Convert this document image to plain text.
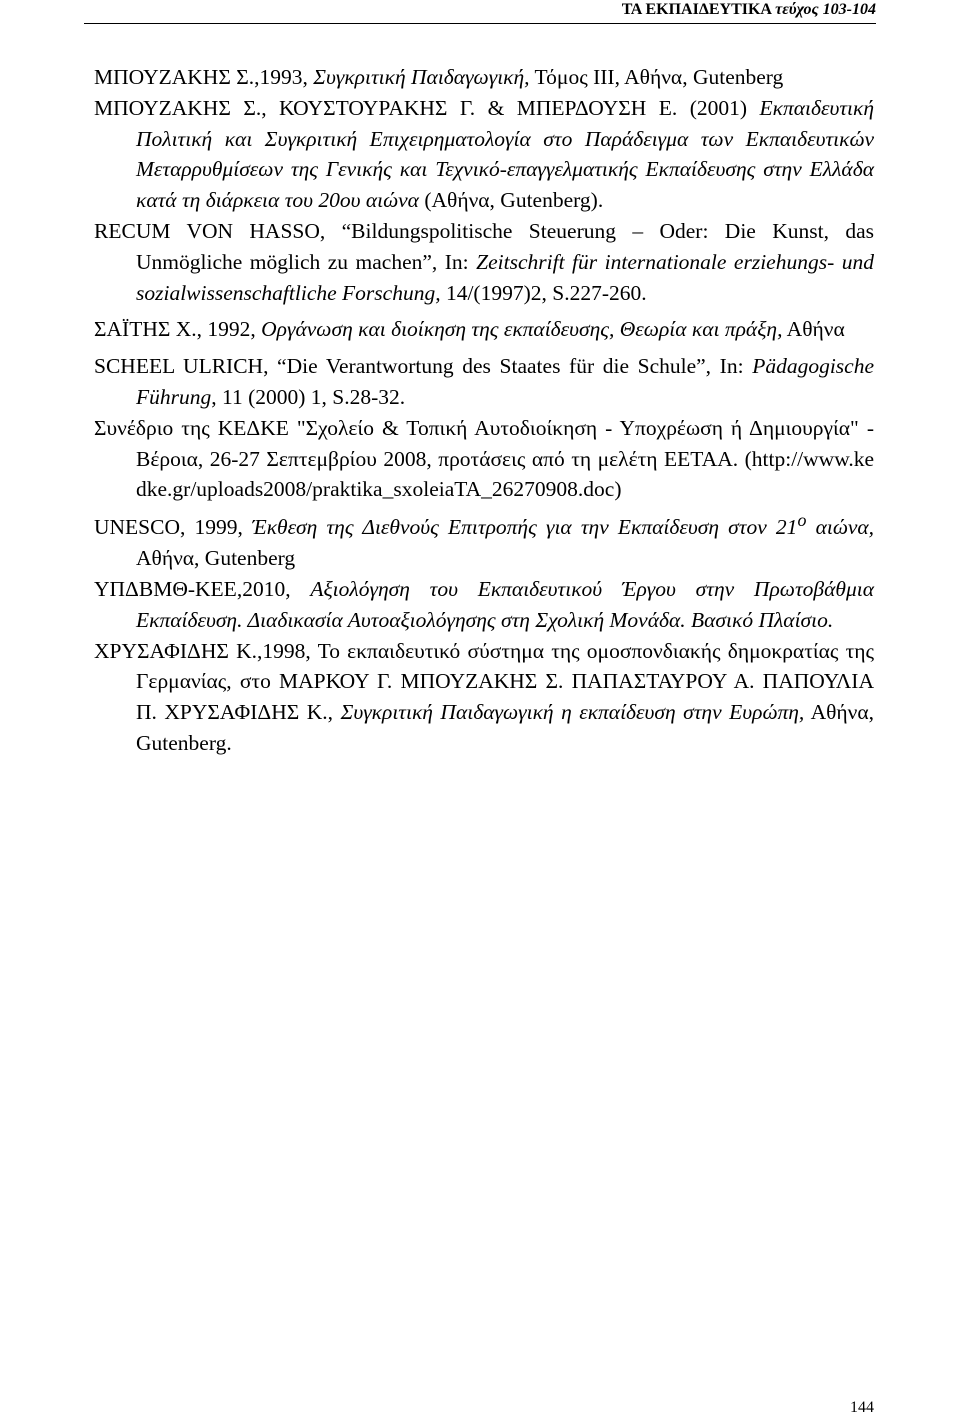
ΤΑ ΕΚΠΑΙΔΕΥΤΙΚΑ τεύχος 103-104
ΜΠΟΥΖΑΚΗΣ Σ.,1993, Συγκριτική Παιδαγωγική, Τόμος ΙΙΙ, Αθήνα, Gutenberg
ΜΠΟΥΖΑΚΗΣ Σ., ΚΟΥΣΤΟΥΡΑΚΗΣ Γ. & ΜΠΕΡΔΟΥΣΗ Ε. (2001) Εκπαιδευτική Πολιτική και Συγκριτική Επιχειρηματολογία στο Παράδειγμα των Εκπαιδευτικών Μεταρρυθμίσεων της Γενικής και Τεχνικό-επαγγελματικής Εκπαίδευσης στην Ελλάδα κατά τη διάρκεια του 20ου αιώνα (Αθήνα, Gutenberg).
RECUM VON HASSO, “Bildungspolitische Steuerung – Oder: Die Kunst, das Unmögliche möglich zu machen”, In: Zeitschrift für internationale erziehungs- und sozialwissenschaftliche Forschung, 14/(1997)2, S.227-260.
ΣΑΪΤΗΣ Χ., 1992, Οργάνωση και διοίκηση της εκπαίδευσης, Θεωρία και πράξη, Αθήνα
SCHEEL ULRICH, “Die Verantwortung des Staates für die Schule”, In: Pädagogische Führung, 11 (2000) 1, S.28-32.
Συνέδριο της ΚΕΔΚΕ "Σχολείο & Τοπική Αυτοδιοίκηση - Υποχρέωση ή Δημιουργία" - Βέροια, 26-27 Σεπτεμβρίου 2008, προτάσεις από τη μελέτη ΕΕΤΑΑ. (http://www.kedke.gr/uploads2008/praktika_sxoleiaTA_26270908.doc)
UNESCO, 1999, Έκθεση της Διεθνούς Επιτροπής για την Εκπαίδευση στον $21^o$ αιώνα, Αθήνα, Gutenberg
ΥΠΔΒΜΘ-ΚΕΕ,2010, Αξιολόγηση του Εκπαιδευτικού Έργου στην Πρωτοβάθμια Εκπαίδευση. Διαδικασία Αυτοαξιολόγησης στη Σχολική Μονάδα. Βασικό Πλαίσιο.
ΧΡΥΣΑΦΙΔΗΣ Κ.,1998, Το εκπαιδευτικό σύστημα της ομοσπονδιακής δημοκρατίας της Γερμανίας, στο ΜΑΡΚΟΥ Γ. ΜΠΟΥΖΑΚΗΣ Σ. ΠΑΠΑΣΤΑΥΡΟΥ Α. ΠΑΠΟΥΛΙΑ Π. ΧΡΥΣΑΦΙΔΗΣ Κ., Συγκριτική Παιδαγωγική η εκπαίδευση στην Ευρώπη, Αθήνα, Gutenberg.
144
